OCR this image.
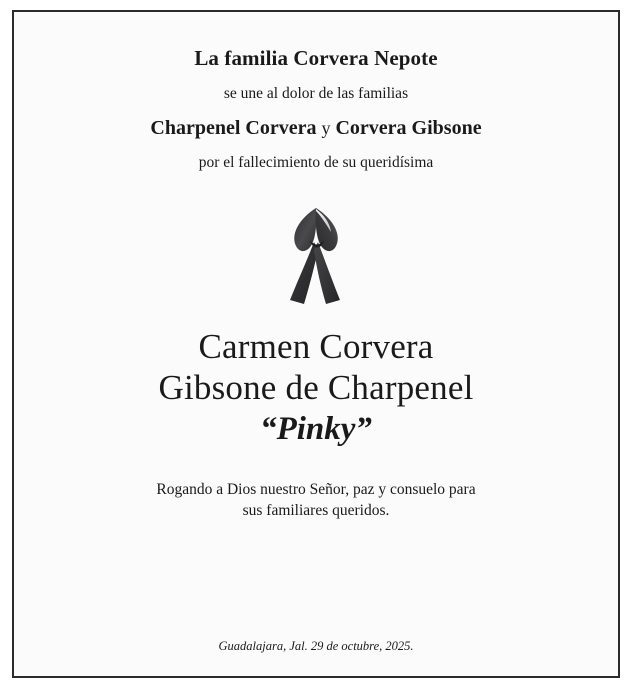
La familia Corvera Nepote
se une al dolor de las familias
Charpenel Corvera y Corvera Gibsone
por el fallecimiento de su queridísima
Carmen Corvera
Gibsone de Charpenel
“Pinky”
Rogando a Dios nuestro Señor, paz y consuelo para
sus familiares queridos.
Guadalajara, Jal. 29 de octubre, 2025.
